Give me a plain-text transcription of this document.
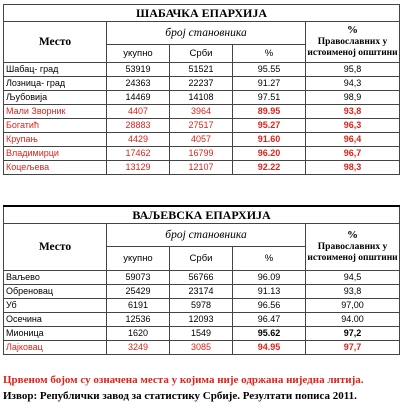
ШАБАЧКА ЕПАРХИЈА				
Место	број становника			%
Православних у истоименој општини
	укупно	Срби	%	
Шабац- град	53919	51521	95.55	95,8
Лозница- град	24363	22237	91.27	94,3
Љубовија	14469	14108	97.51	98,9
Мали Зворник	4407	3964	89.95	93,8
Богатић	28883	27517	95.27	96,3
Крупањ	4429	4057	91.60	96,4
Владимирци	17462	16799	96.20	96,7
Коцељева	13129	12107	92.22	98,3
ВАЉЕВСКА ЕПАРХИЈА				
Место	број становника			%
Православних у истоименој општини
	укупно	Срби	%	
Ваљево	59073	56766	96.09	94,5
Обреновац	25429	23174	91.13	93,8
Уб	6191	5978	96.56	97,00
Осечина	12536	12093	96.47	94.00
Мионица	1620	1549	95.62	97,2
Лајковац	3249	3085	94.95	97,7
Црвеном бојом су означена места у којима није одржана ниједна литија.
Извор: Републички завод за статистику Србије. Резултати пописа 2011.
